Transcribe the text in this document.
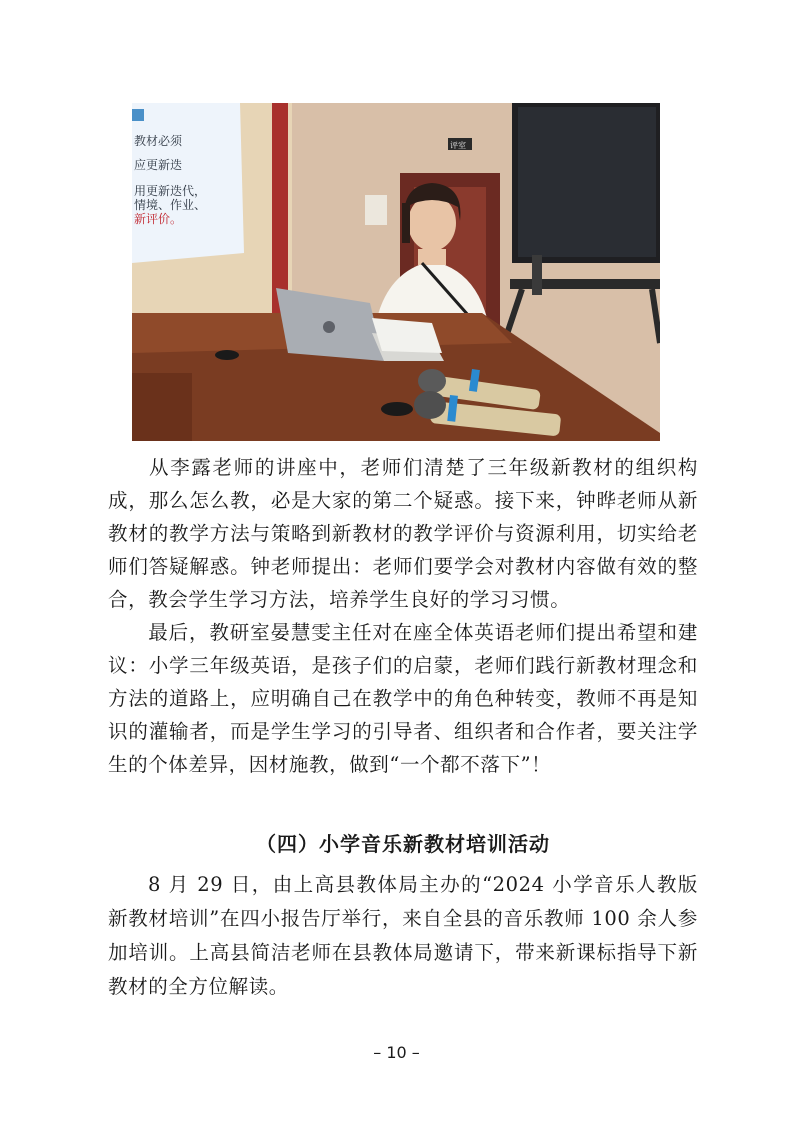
教材必须
应更新迭
用更新迭代，
情境、作业、
新评价。
评室

从李露老师的讲座中，老师们清楚了三年级新教材的组织构成，那么怎么教，必是大家的第二个疑惑。接下来，钟晔老师从新教材的教学方法与策略到新教材的教学评价与资源利用，切实给老师们答疑解惑。钟老师提出：老师们要学会对教材内容做有效的整合，教会学生学习方法，培养学生良好的学习习惯。

最后，教研室晏慧雯主任对在座全体英语老师们提出希望和建议：小学三年级英语，是孩子们的启蒙，老师们践行新教材理念和方法的道路上，应明确自己在教学中的角色种转变，教师不再是知识的灌输者，而是学生学习的引导者、组织者和合作者，要关注学生的个体差异，因材施教，做到“一个都不落下”！

（四）小学音乐新教材培训活动

8 月 29 日，由上高县教体局主办的“2024 小学音乐人教版新教材培训”在四小报告厅举行，来自全县的音乐教师 100 余人参加培训。上高县简洁老师在县教体局邀请下，带来新课标指导下新教材的全方位解读。

– 10 –
